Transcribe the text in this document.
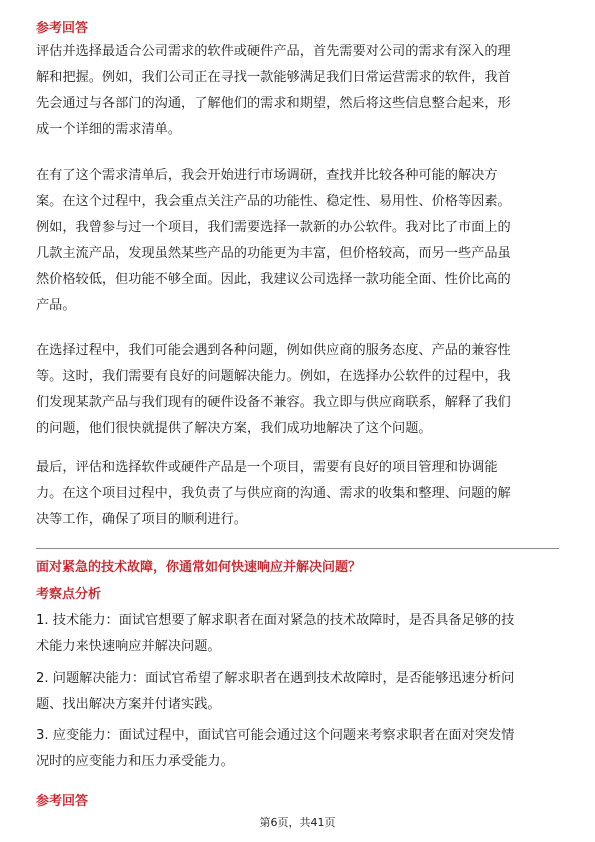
参考回答
评估并选择最适合公司需求的软件或硬件产品，首先需要对公司的需求有深入的理
解和把握。例如，我们公司正在寻找一款能够满足我们日常运营需求的软件，我首
先会通过与各部门的沟通，了解他们的需求和期望，然后将这些信息整合起来，形
成一个详细的需求清单。
在有了这个需求清单后，我会开始进行市场调研，查找并比较各种可能的解决方
案。在这个过程中，我会重点关注产品的功能性、稳定性、易用性、价格等因素。
例如，我曾参与过一个项目，我们需要选择一款新的办公软件。我对比了市面上的
几款主流产品，发现虽然某些产品的功能更为丰富，但价格较高，而另一些产品虽
然价格较低，但功能不够全面。因此，我建议公司选择一款功能全面、性价比高的
产品。
在选择过程中，我们可能会遇到各种问题，例如供应商的服务态度、产品的兼容性
等。这时，我们需要有良好的问题解决能力。例如，在选择办公软件的过程中，我
们发现某款产品与我们现有的硬件设备不兼容。我立即与供应商联系，解释了我们
的问题，他们很快就提供了解决方案，我们成功地解决了这个问题。
最后，评估和选择软件或硬件产品是一个项目，需要有良好的项目管理和协调能
力。在这个项目过程中，我负责了与供应商的沟通、需求的收集和整理、问题的解
决等工作，确保了项目的顺利进行。
面对紧急的技术故障，你通常如何快速响应并解决问题？
考察点分析
1. 技术能力：面试官想要了解求职者在面对紧急的技术故障时，是否具备足够的技
术能力来快速响应并解决问题。
2. 问题解决能力：面试官希望了解求职者在遇到技术故障时，是否能够迅速分析问
题、找出解决方案并付诸实践。
3. 应变能力：面试过程中，面试官可能会通过这个问题来考察求职者在面对突发情
况时的应变能力和压力承受能力。
参考回答
第6页，共41页
